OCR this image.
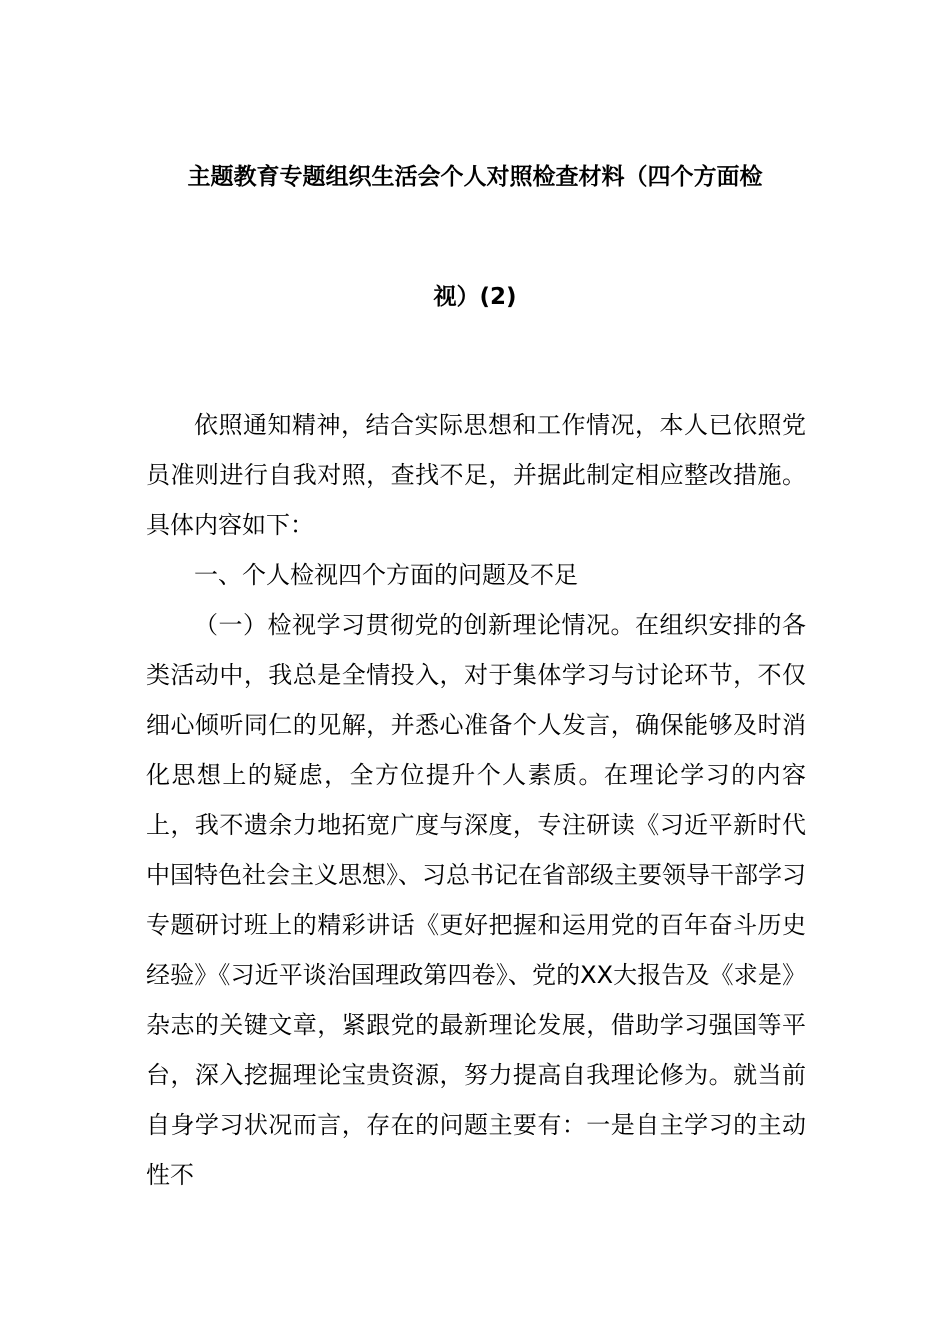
主题教育专题组织生活会个人对照检查材料（四个方面检
视）(2)

依照通知精神，结合实际思想和工作情况，本人已依照党员准则进行自我对照，查找不足，并据此制定相应整改措施。具体内容如下：

一、个人检视四个方面的问题及不足

（一）检视学习贯彻党的创新理论情况。在组织安排的各类活动中，我总是全情投入，对于集体学习与讨论环节，不仅细心倾听同仁的见解，并悉心准备个人发言，确保能够及时消化思想上的疑虑，全方位提升个人素质。在理论学习的内容上，我不遗余力地拓宽广度与深度，专注研读《习近平新时代中国特色社会主义思想》、习总书记在省部级主要领导干部学习专题研讨班上的精彩讲话《更好把握和运用党的百年奋斗历史经验》《习近平谈治国理政第四卷》、党的XX大报告及《求是》杂志的关键文章，紧跟党的最新理论发展，借助学习强国等平台，深入挖掘理论宝贵资源，努力提高自我理论修为。就当前自身学习状况而言，存在的问题主要有：一是自主学习的主动性不
